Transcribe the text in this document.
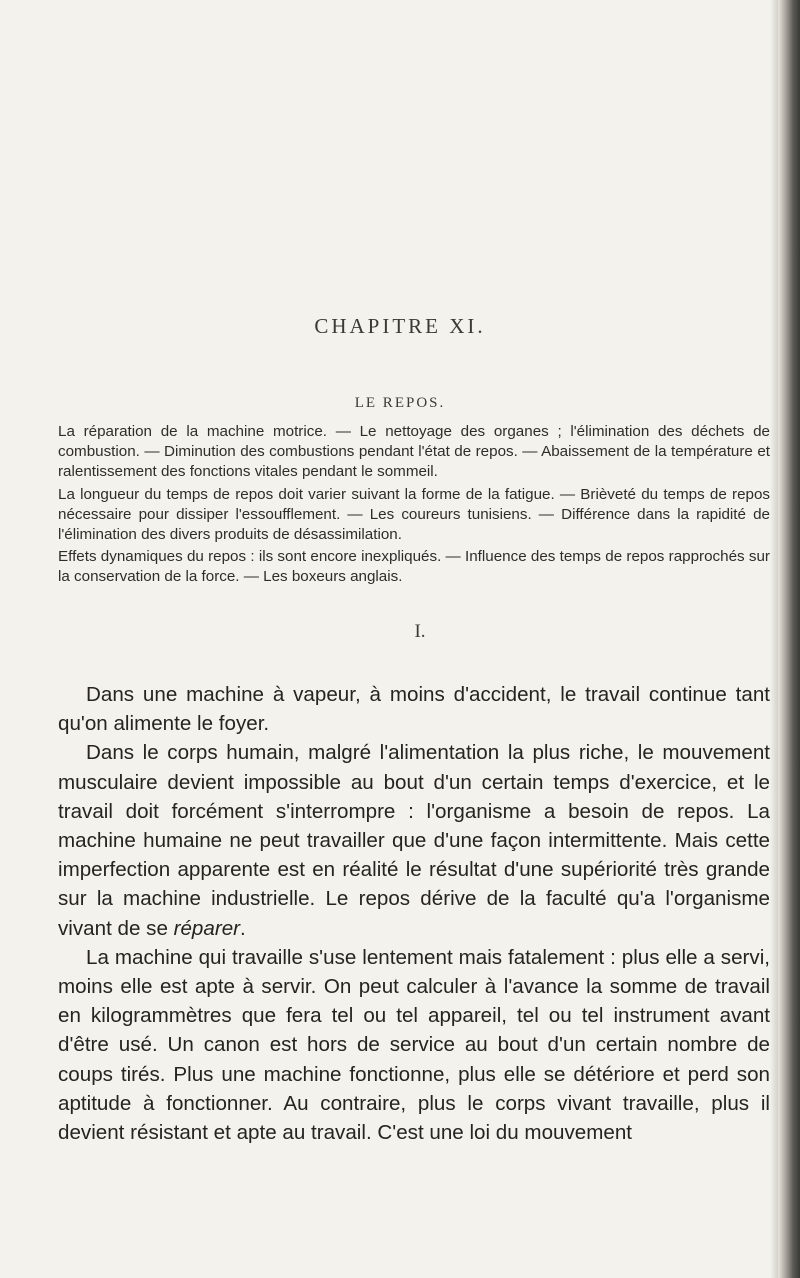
CHAPITRE XI.
LE REPOS.

La réparation de la machine motrice. — Le nettoyage des organes ; l'élimination des déchets de combustion. — Diminution des combustions pendant l'état de repos. — Abaissement de la température et ralentissement des fonctions vitales pendant le sommeil.

La longueur du temps de repos doit varier suivant la forme de la fatigue. — Brièveté du temps de repos nécessaire pour dissiper l'essoufflement. — Les coureurs tunisiens. — Différence dans la rapidité de l'élimination des divers produits de désassimilation.

Effets dynamiques du repos : ils sont encore inexpliqués. — Influence des temps de repos rapprochés sur la conservation de la force. — Les boxeurs anglais.

I.

Dans une machine à vapeur, à moins d'accident, le travail continue tant qu'on alimente le foyer.

Dans le corps humain, malgré l'alimentation la plus riche, le mouvement musculaire devient impossible au bout d'un certain temps d'exercice, et le travail doit forcément s'interrompre : l'organisme a besoin de repos. La machine humaine ne peut travailler que d'une façon intermittente. Mais cette imperfection apparente est en réalité le résultat d'une supériorité très grande sur la machine industrielle. Le repos dérive de la faculté qu'a l'organisme vivant de se réparer.

La machine qui travaille s'use lentement mais fatalement : plus elle a servi, moins elle est apte à servir. On peut calculer à l'avance la somme de travail en kilogrammètres que fera tel ou tel appareil, tel ou tel instrument avant d'être usé. Un canon est hors de service au bout d'un certain nombre de coups tirés. Plus une machine fonctionne, plus elle se détériore et perd son aptitude à fonctionner. Au contraire, plus le corps vivant travaille, plus il devient résistant et apte au travail. C'est une loi du mouvement
